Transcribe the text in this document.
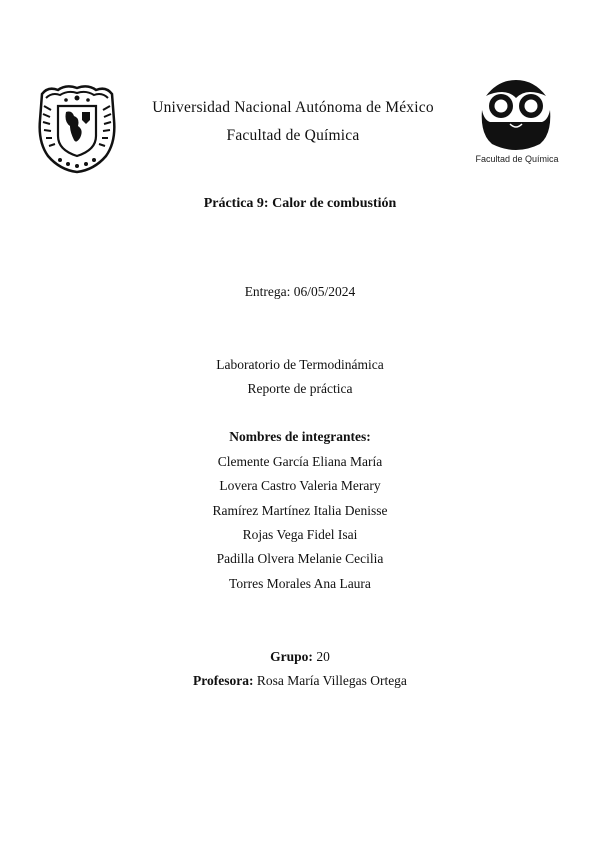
Facultad de Química
Universidad Nacional Autónoma de México
Facultad de Química
Práctica 9: Calor de combustión
Entrega: 06/05/2024
Laboratorio de Termodinámica
Reporte de práctica
Nombres de integrantes:
Clemente García Eliana María
Lovera Castro Valeria Merary
Ramírez Martínez Italia Denisse
Rojas Vega Fidel Isai
Padilla Olvera Melanie Cecilia
Torres Morales Ana Laura
Grupo: 20
Profesora: Rosa María Villegas Ortega
